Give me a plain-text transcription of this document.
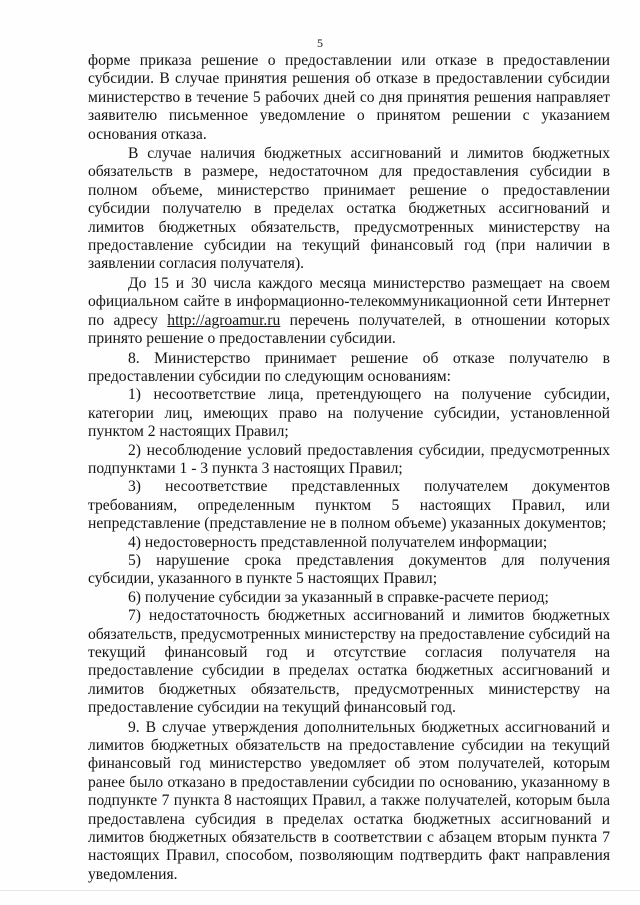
5

форме приказа решение о предоставлении или отказе в предоставлении субсидии. В случае принятия решения об отказе в предоставлении субсидии министерство в течение 5 рабочих дней со дня принятия решения направляет заявителю письменное уведомление о принятом решении с указанием основания отказа.

В случае наличия бюджетных ассигнований и лимитов бюджетных обязательств в размере, недостаточном для предоставления субсидии в полном объеме, министерство принимает решение о предоставлении субсидии получателю в пределах остатка бюджетных ассигнований и лимитов бюджетных обязательств, предусмотренных министерству на предоставление субсидии на текущий финансовый год (при наличии в заявлении согласия получателя).

До 15 и 30 числа каждого месяца министерство размещает на своем официальном сайте в информационно-телекоммуникационной сети Интернет по адресу http://agroamur.ru перечень получателей, в отношении которых принято решение о предоставлении субсидии.

8. Министерство принимает решение об отказе получателю в предоставлении субсидии по следующим основаниям:

1) несоответствие лица, претендующего на получение субсидии, категории лиц, имеющих право на получение субсидии, установленной пунктом 2 настоящих Правил;

2) несоблюдение условий предоставления субсидии, предусмотренных подпунктами 1 - 3 пункта 3 настоящих Правил;

3) несоответствие представленных получателем документов требованиям, определенным пунктом 5 настоящих Правил, или непредставление (представление не в полном объеме) указанных документов;

4) недостоверность представленной получателем информации;

5) нарушение срока представления документов для получения субсидии, указанного в пункте 5 настоящих Правил;

6) получение субсидии за указанный в справке-расчете период;

7) недостаточность бюджетных ассигнований и лимитов бюджетных обязательств, предусмотренных министерству на предоставление субсидий на текущий финансовый год и отсутствие согласия получателя на предоставление субсидии в пределах остатка бюджетных ассигнований и лимитов бюджетных обязательств, предусмотренных министерству на предоставление субсидии на текущий финансовый год.

9. В случае утверждения дополнительных бюджетных ассигнований и лимитов бюджетных обязательств на предоставление субсидии на текущий финансовый год министерство уведомляет об этом получателей, которым ранее было отказано в предоставлении субсидии по основанию, указанному в подпункте 7 пункта 8 настоящих Правил, а также получателей, которым была предоставлена субсидия в пределах остатка бюджетных ассигнований и лимитов бюджетных обязательств в соответствии с абзацем вторым пункта 7 настоящих Правил, способом, позволяющим подтвердить факт направления уведомления.
